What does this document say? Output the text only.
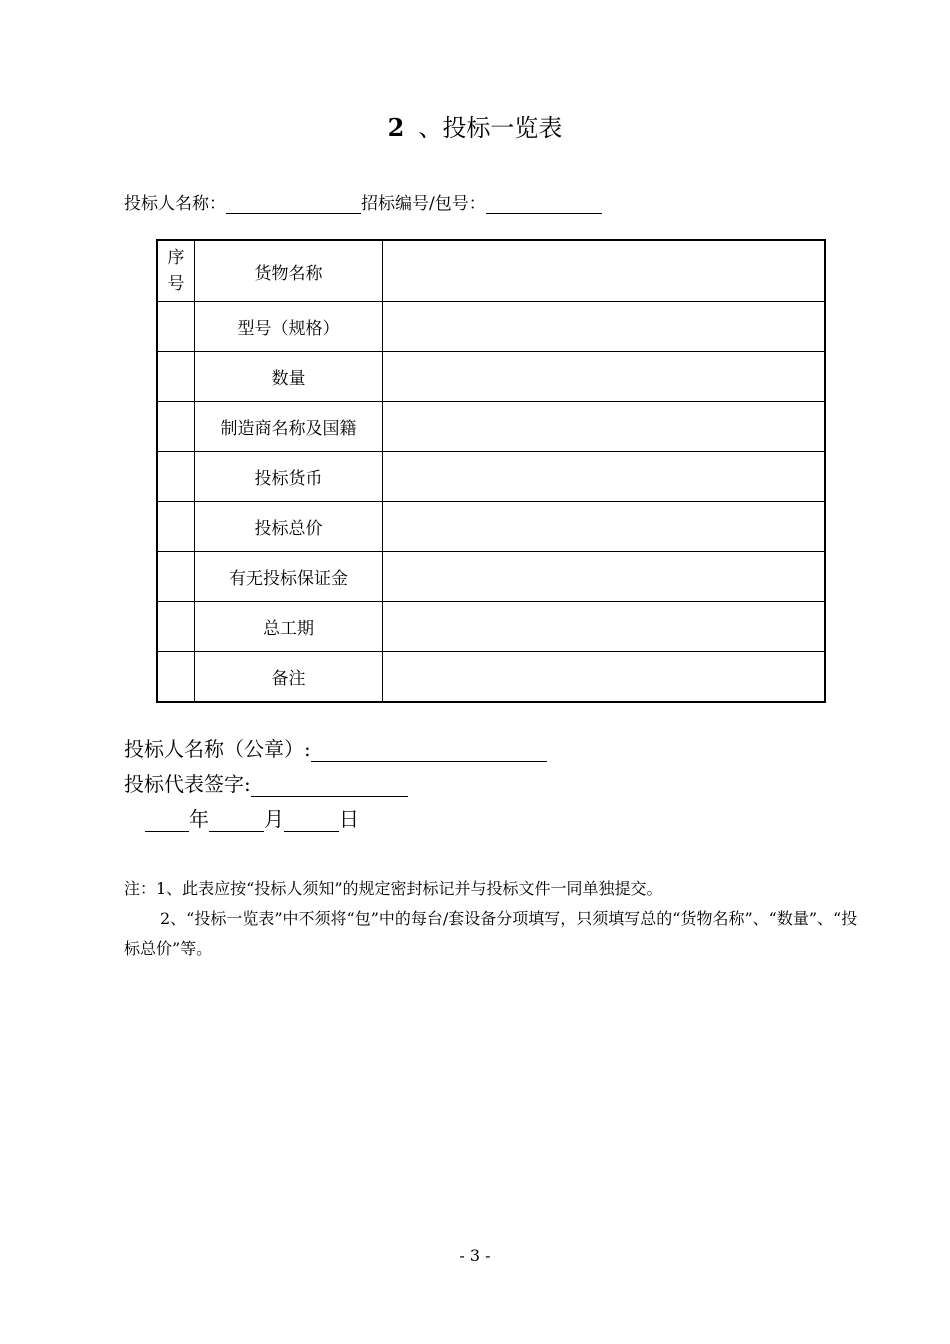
2 、投标一览表
投标人名称：	招标编号/包号：
序号	货物名称	
	型号（规格）	
	数量	
	制造商名称及国籍	
	投标货币	
	投标总价	
	有无投标保证金	
	总工期	
	备注	
投标人名称（公章）:
投标代表签字:
年	月	日
注：1、此表应按“投标人须知”的规定密封标记并与投标文件一同单独提交。
2、“投标一览表”中不须将“包”中的每台/套设备分项填写，只须填写总的“货物名称”、“数量”、“投标总价”等。
- 3 -
